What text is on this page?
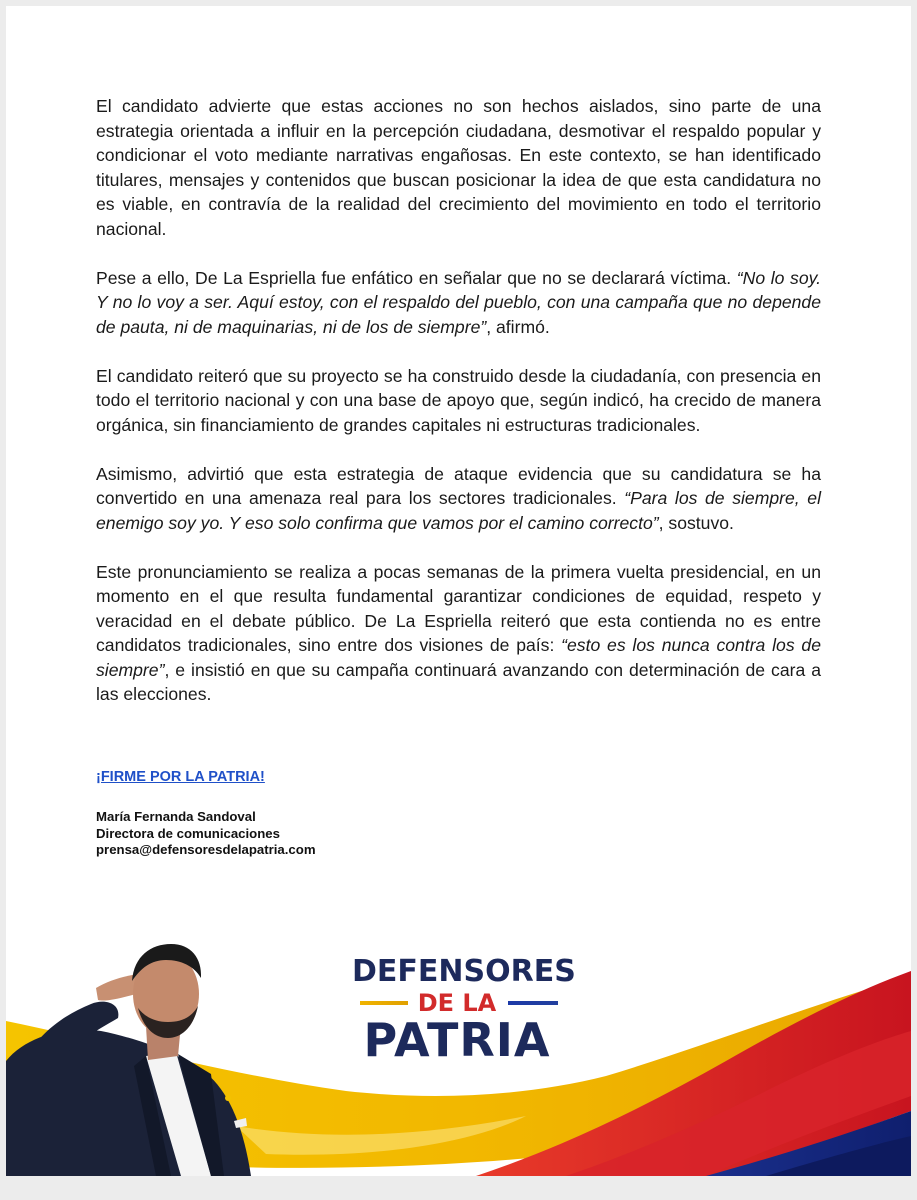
El candidato advierte que estas acciones no son hechos aislados, sino parte de una estrategia orientada a influir en la percepción ciudadana, desmotivar el respaldo popular y condicionar el voto mediante narrativas engañosas. En este contexto, se han identificado titulares, mensajes y contenidos que buscan posicionar la idea de que esta candidatura no es viable, en contravía de la realidad del crecimiento del movimiento en todo el territorio nacional.

Pese a ello, De La Espriella fue enfático en señalar que no se declarará víctima. “No lo soy. Y no lo voy a ser. Aquí estoy, con el respaldo del pueblo, con una campaña que no depende de pauta, ni de maquinarias, ni de los de siempre”, afirmó.

El candidato reiteró que su proyecto se ha construido desde la ciudadanía, con presencia en todo el territorio nacional y con una base de apoyo que, según indicó, ha crecido de manera orgánica, sin financiamiento de grandes capitales ni estructuras tradicionales.

Asimismo, advirtió que esta estrategia de ataque evidencia que su candidatura se ha convertido en una amenaza real para los sectores tradicionales. “Para los de siempre, el enemigo soy yo. Y eso solo confirma que vamos por el camino correcto”, sostuvo.

Este pronunciamiento se realiza a pocas semanas de la primera vuelta presidencial, en un momento en el que resulta fundamental garantizar condiciones de equidad, respeto y veracidad en el debate público. De La Espriella reiteró que esta contienda no es entre candidatos tradicionales, sino entre dos visiones de país: “esto es los nunca contra los de siempre”, e insistió en que su campaña continuará avanzando con determinación de cara a las elecciones.

¡FIRME POR LA PATRIA!
María Fernanda Sandoval
Directora de comunicaciones
prensa@defensoresdelapatria.com
DEFENSORES
DE LA
PATRIA
